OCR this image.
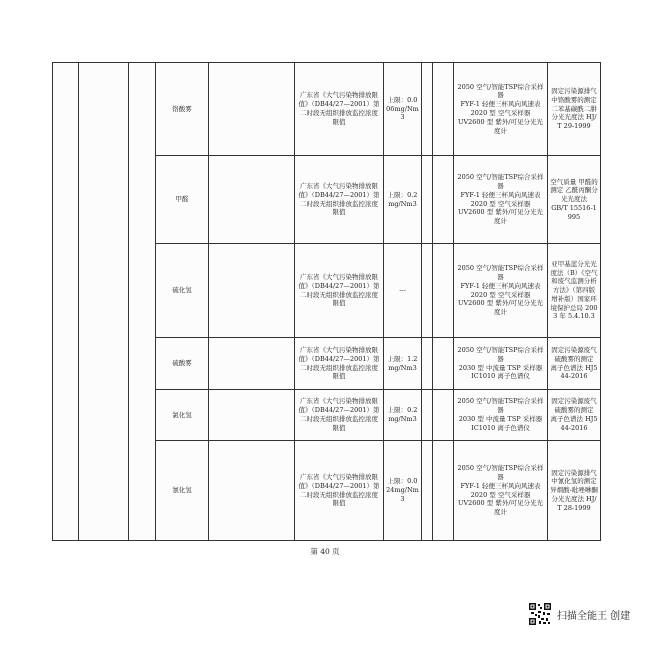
			铬酸雾		广东省《大气污染物排放限值》（DB44/27—2001）第二时段无组织排放监控浓度限值	上限：0.006mg/Nm3			2050 空气/智能TSP综合采样器
FYF-1 轻便三杯风向风速表
2020 型 空气采样器
UV2600 型 紫外/可见分光光度计	固定污染源排气中铬酸雾的测定
二苯基碳酰二肼分光光度法 HJ/T 29-1999
			甲醛		广东省《大气污染物排放限值》（DB44/27—2001）第二时段无组织排放监控浓度限值	上限：0.2mg/Nm3			2050 空气/智能TSP综合采样器
FYF-1 轻便三杯风向风速表
2020 型 空气采样器
UV2600 型 紫外/可见分光光度计	空气质量 甲醛的测定 乙酰丙酮分光光度法
GB/T 15516-1995
			硫化氢		广东省《大气污染物排放限值》（DB44/27—2001）第二时段无组织排放监控浓度限值	---			2050 空气/智能TSP综合采样器
FYF-1 轻便三杯风向风速表
2020 型 空气采样器
UV2600 型 紫外/可见分光光度计	亚甲基蓝分光光度法（B）《空气和废气监测分析方法》（第四版 增补版）国家环境保护总局 2003 年 5.4.10.3
			硫酸雾		广东省《大气污染物排放限值》（DB44/27—2001）第二时段无组织排放监控浓度限值	上限：1.2mg/Nm3			2050 空气/智能TSP综合采样器
2030 型 中流量 TSP 采样器
IC1010 离子色谱仪	固定污染源废气 硫酸雾的测定
离子色谱法 HJ544-2016
			氯化氢		广东省《大气污染物排放限值》（DB44/27—2001）第二时段无组织排放监控浓度限值	上限：0.2mg/Nm3			2050 空气/智能TSP综合采样器
2030 型 中流量 TSP 采样器
IC1010 离子色谱仪	固定污染源废气 硫酸雾的测定
离子色谱法 HJ544-2016
			氰化氢		广东省《大气污染物排放限值》（DB44/27—2001）第二时段无组织排放监控浓度限值	上限：0.024mg/Nm3			2050 空气/智能TSP综合采样器
FYF-1 轻便三杯风向风速表
2020 型 空气采样器
UV2600 型 紫外/可见分光光度计	固定污染源排气中氰化氢的测定
异烟酸-吡唑啉酮分光光度法 HJ/T 28-1999
第 40 页
扫描全能王 创建
